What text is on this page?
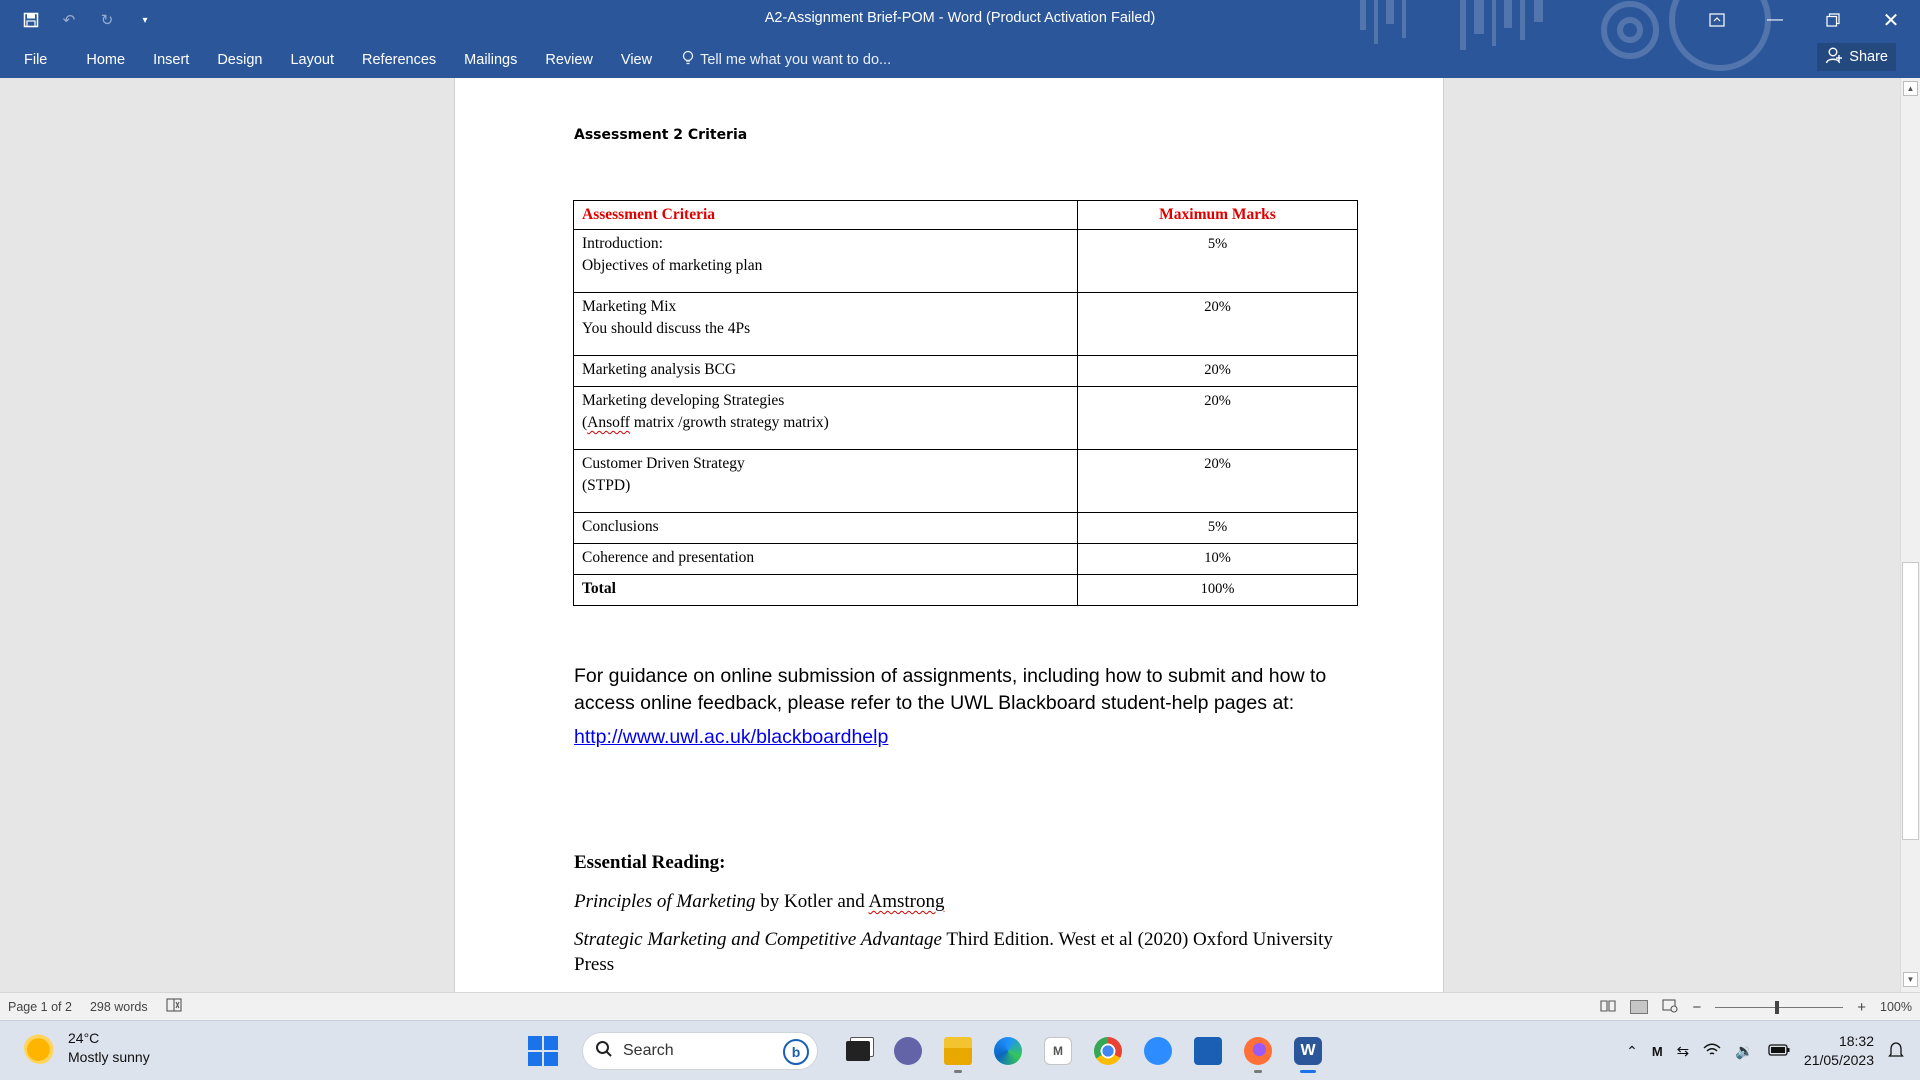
↶	↻	▾	A2-Assignment Brief-POM - Word (Product Activation Failed)	—	✕
File	Home	Insert	Design	Layout	References	Mailings	Review	View	Tell me what you want to do...	Share
Assessment 2 Criteria
Assessment Criteria	Maximum Marks
Introduction:
Objectives of marketing plan	5%
Marketing Mix
You should discuss the 4Ps	20%
Marketing analysis BCG	20%
Marketing developing Strategies
(Ansoff matrix /growth strategy matrix)	20%
Customer Driven Strategy
(STPD)	20%
Conclusions	5%
Coherence and presentation	10%
Total	100%
For guidance on online submission of assignments, including how to submit and how to access online feedback, please refer to the UWL Blackboard student-help pages at:
http://www.uwl.ac.uk/blackboardhelp
Essential Reading:
Principles of Marketing by Kotler and Amstrong
Strategic Marketing and Competitive Advantage Third Edition. West et al (2020) Oxford University Press
▲
▼
Page 1 of 2 298 words	−	+ 100%
24°C
Mostly sunny	Search	b	M	W	⌃ M ⇆	🔉
18:32
21/05/2023
